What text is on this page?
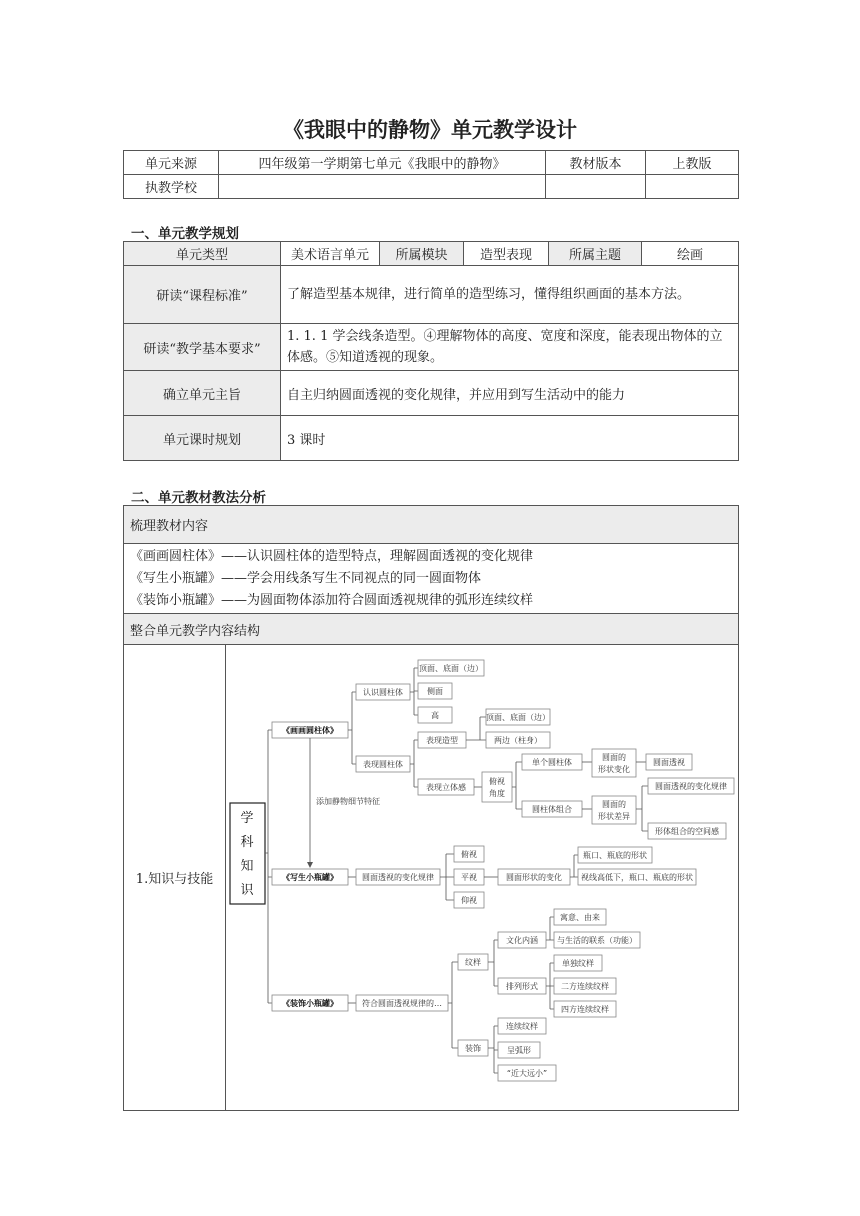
《我眼中的静物》单元教学设计
单元来源	四年级第一学期第七单元《我眼中的静物》	教材版本	上教版
执教学校			
一、单元教学规划
单元类型	美术语言单元	所属模块	造型表现	所属主题	绘画
研读“课程标准”	了解造型基本规律，进行简单的造型练习，懂得组织画面的基本方法。				
研读“教学基本要求”	1. 1. 1 学会线条造型。④理解物体的高度、宽度和深度，能表现出物体的立体感。⑤知道透视的现象。				
确立单元主旨	自主归纳圆面透视的变化规律，并应用到写生活动中的能力				
单元课时规划	3 课时				
二、单元教材教法分析
梳理教材内容

《画画圆柱体》——认识圆柱体的造型特点，理解圆面透视的变化规律
《写生小瓶罐》——学会用线条写生不同视点的同一圆面物体
《装饰小瓶罐》——为圆面物体添加符合圆面透视规律的弧形连续纹样

整合单元教学内容结构
1.知识与技能	
学
科
知
识
《画画圆柱体》
《写生小瓶罐》
《装饰小瓶罐》
添加静物细节特征
认识圆柱体
顶面、底面（边）
侧面
高
表现圆柱体
表现造型
顶面、底面（边）
两边（柱身）
表现立体感
俯视
角度
单个圆柱体
圆面的
形状变化
圆面透视
圆柱体组合
圆面的
形状差异
圆面透视的变化规律
形体组合的空间感
圆面透视的变化规律
俯视
平视
仰视
圆面形状的变化
瓶口、瓶底的形状
视线高低下，瓶口、瓶底的形状
符合圆面透视规律的…
纹样
文化内涵
寓意、由来
与生活的联系（功能）
排列形式
单独纹样
二方连续纹样
四方连续纹样
装饰
连续纹样
呈弧形
“近大远小”
